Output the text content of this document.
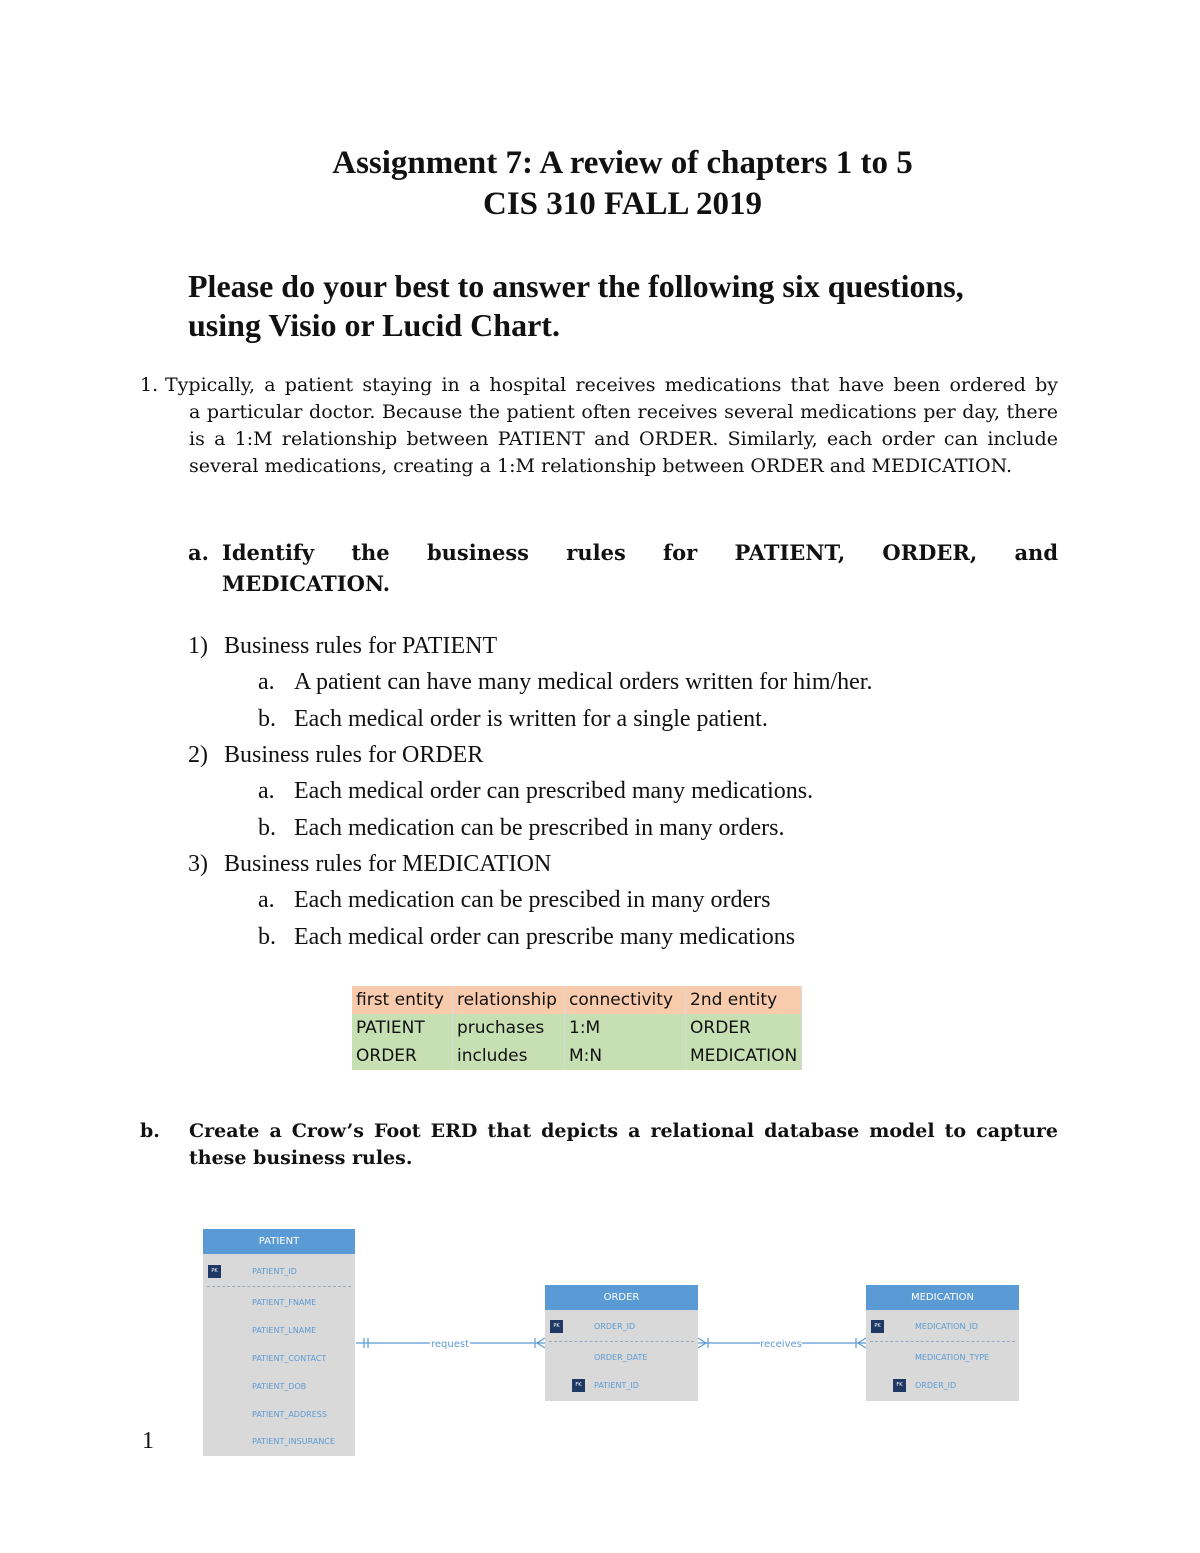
Assignment 7: A review of chapters 1 to 5
CIS 310 FALL 2019
Please do your best to answer the following six questions,
using Visio or Lucid Chart.
1. Typically, a patient staying in a hospital receives medications that have been ordered by
a particular doctor. Because the patient often receives several medications per day, there is a 1:M relationship between PATIENT and ORDER. Similarly, each order can include several medications, creating a 1:M relationship between ORDER and MEDICATION.
a. Identify the business rules for PATIENT, ORDER, and
MEDICATION.
1) Business rules for PATIENT
a. A patient can have many medical orders written for him/her.
b. Each medical order is written for a single patient.
2) Business rules for ORDER
a. Each medical order can prescribed many medications.
b. Each medication can be prescribed in many orders.
3) Business rules for MEDICATION
a. Each medication can be prescibed in many orders
b. Each medical order can prescribe many medications
first entity	relationship	connectivity	2nd entity
PATIENT	pruchases	1:M	ORDER
ORDER	includes	M:N	MEDICATION
b. Create a Crow’s Foot ERD that depicts a relational database model to capture these business rules.
request	receives
PATIENT
PK	PATIENT_ID
PATIENT_FNAME
PATIENT_LNAME
PATIENT_CONTACT
PATIENT_DOB
PATIENT_ADDRESS
PATIENT_INSURANCE
ORDER
PK	ORDER_ID
ORDER_DATE
FK	PATIENT_ID
MEDICATION
PK	MEDICATION_ID
MEDICATION_TYPE
FK	ORDER_ID
1
